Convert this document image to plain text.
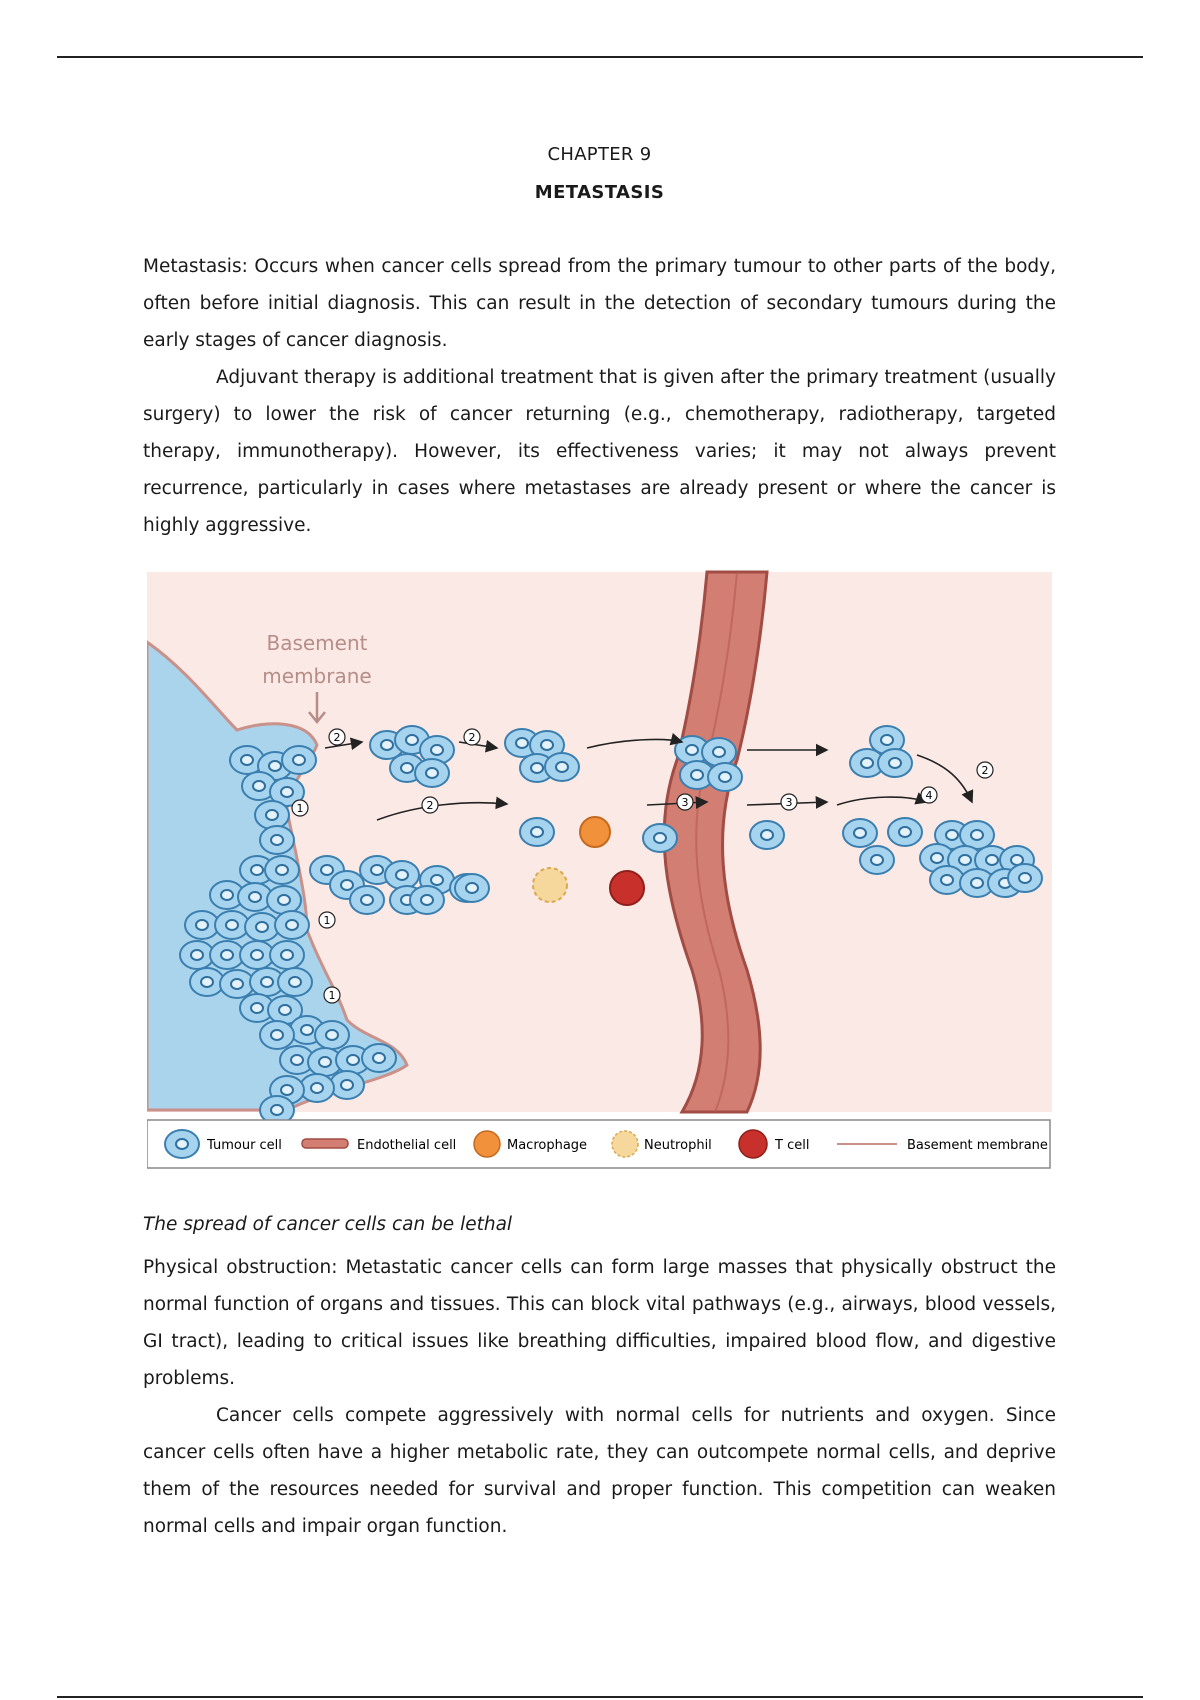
CHAPTER 9
METASTASIS

Metastasis: Occurs when cancer cells spread from the primary tumour to other parts of the body, often before initial diagnosis. This can result in the detection of secondary tumours during the early stages of cancer diagnosis.

Adjuvant therapy is additional treatment that is given after the primary treatment (usually surgery) to lower the risk of cancer returning (e.g., chemotherapy, radiotherapy, targeted therapy, immunotherapy). However, its effectiveness varies; it may not always prevent recurrence, particularly in cases where metastases are already present or where the cancer is highly aggressive.

Basement
membrane
2	2
2
2
1
1
1
3	3
4
Tumour cell	Endothelial cell	Macrophage	Neutrophil	T cell	Basement membrane
The spread of cancer cells can be lethal

Physical obstruction: Metastatic cancer cells can form large masses that physically obstruct the normal function of organs and tissues. This can block vital pathways (e.g., airways, blood vessels, GI tract), leading to critical issues like breathing difficulties, impaired blood flow, and digestive problems.

Cancer cells compete aggressively with normal cells for nutrients and oxygen. Since cancer cells often have a higher metabolic rate, they can outcompete normal cells, and deprive them of the resources needed for survival and proper function. This competition can weaken normal cells and impair organ function.
